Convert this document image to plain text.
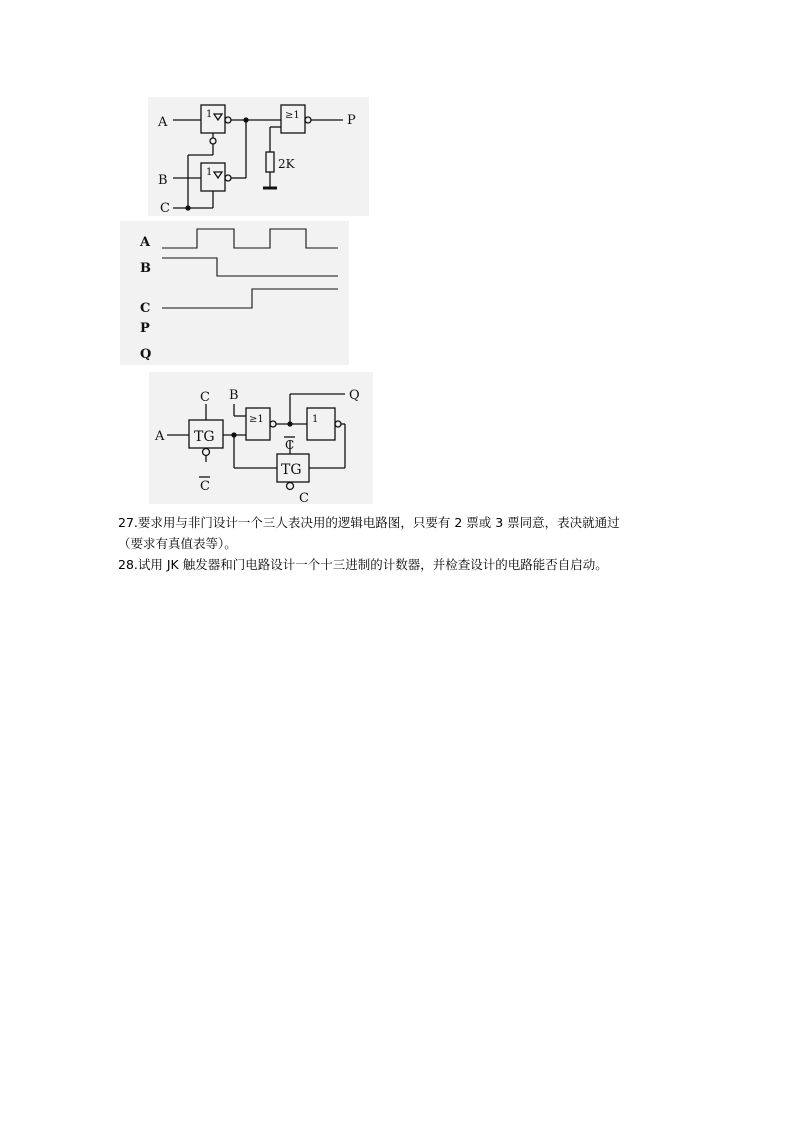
A
B
C
P
1
1
2K
≥1
A
B
C
P
Q
A
B
C
C
C
C
Q
TG
≥1	1
TG
27.要求用与非门设计一个三人表决用的逻辑电路图，只要有 2 票或 3 票同意，表决就通过
（要求有真值表等）。
28.试用 JK 触发器和门电路设计一个十三进制的计数器，并检查设计的电路能否自启动。
